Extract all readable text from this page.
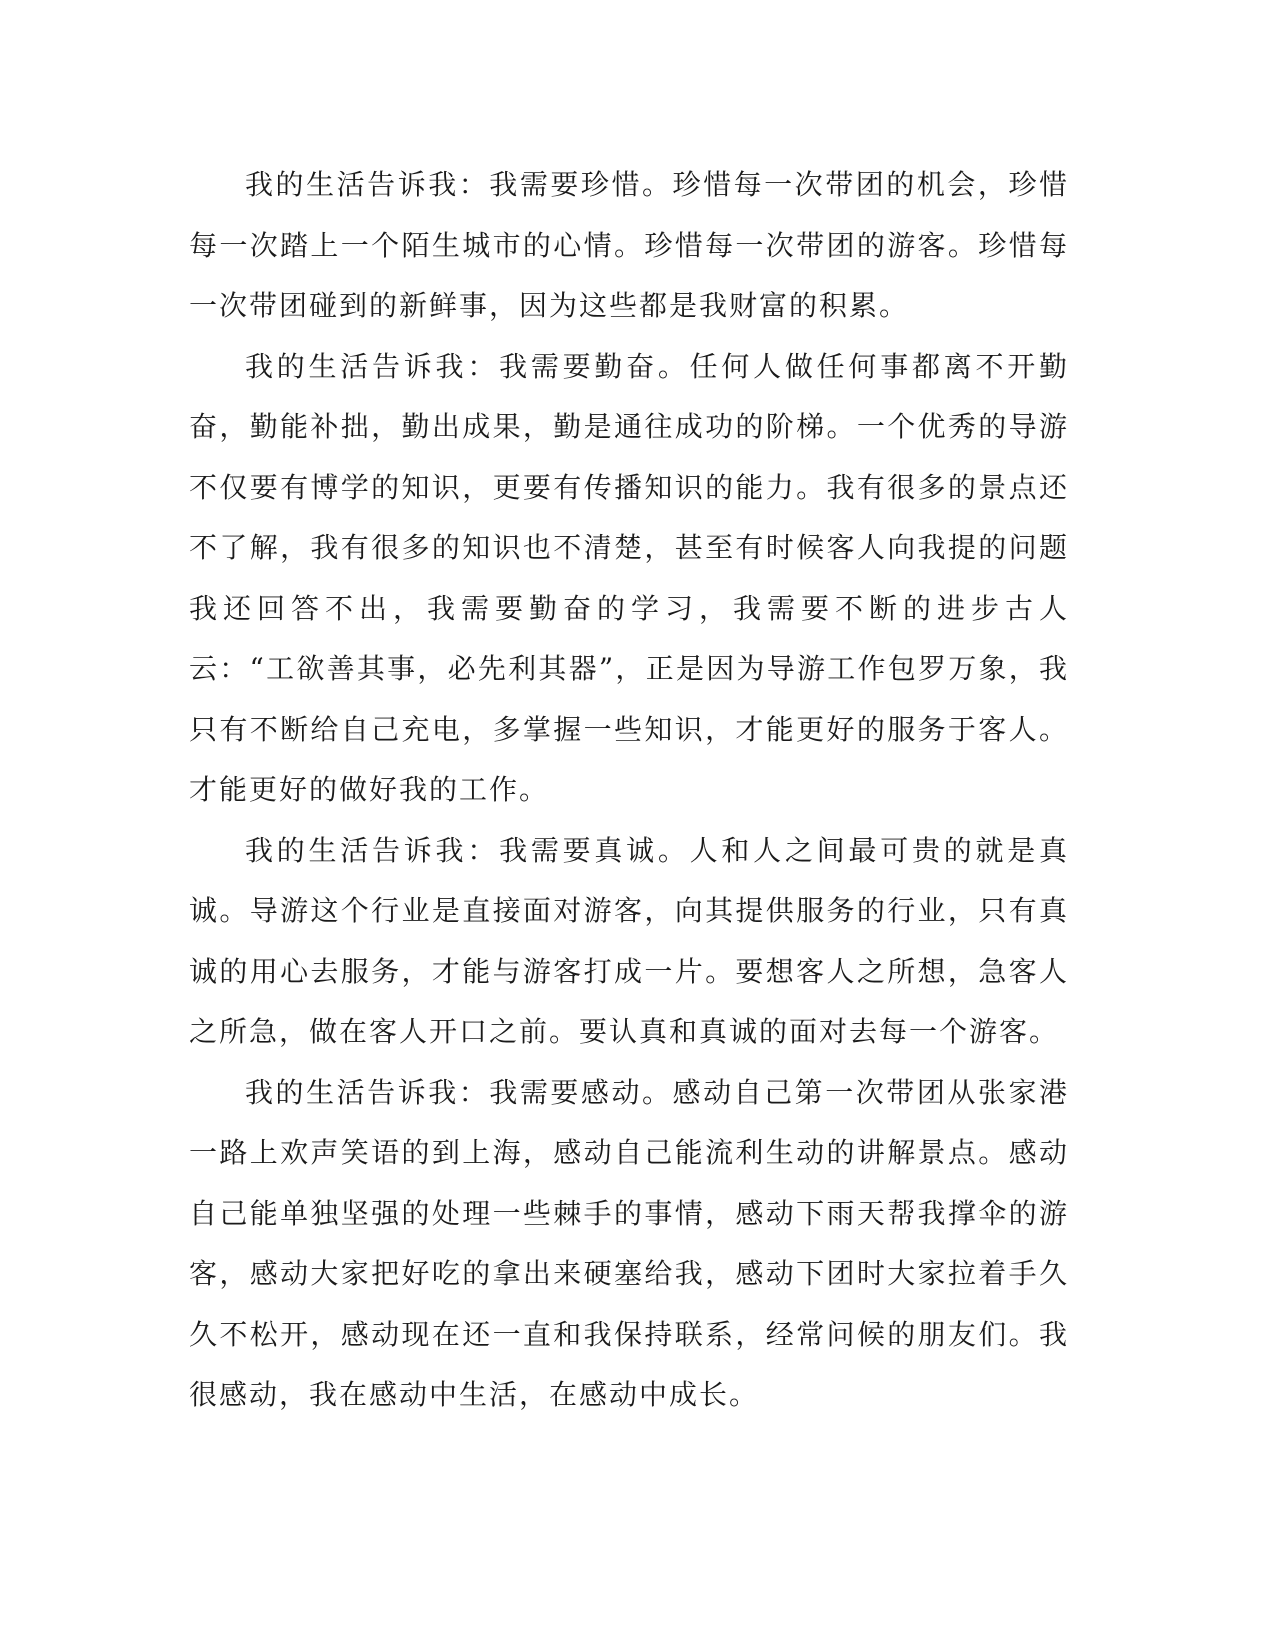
我的生活告诉我：我需要珍惜。珍惜每一次带团的机会，珍惜每一次踏上一个陌生城市的心情。珍惜每一次带团的游客。珍惜每一次带团碰到的新鲜事，因为这些都是我财富的积累。

我的生活告诉我：我需要勤奋。任何人做任何事都离不开勤奋，勤能补拙，勤出成果，勤是通往成功的阶梯。一个优秀的导游不仅要有博学的知识，更要有传播知识的能力。我有很多的景点还不了解，我有很多的知识也不清楚，甚至有时候客人向我提的问题我还回答不出，我需要勤奋的学习，我需要不断的进步古人云：“工欲善其事，必先利其器”，正是因为导游工作包罗万象，我只有不断给自己充电，多掌握一些知识，才能更好的服务于客人。才能更好的做好我的工作。

我的生活告诉我：我需要真诚。人和人之间最可贵的就是真诚。导游这个行业是直接面对游客，向其提供服务的行业，只有真诚的用心去服务，才能与游客打成一片。要想客人之所想，急客人之所急，做在客人开口之前。要认真和真诚的面对去每一个游客。

我的生活告诉我：我需要感动。感动自己第一次带团从张家港一路上欢声笑语的到上海，感动自己能流利生动的讲解景点。感动自己能单独坚强的处理一些棘手的事情，感动下雨天帮我撑伞的游客，感动大家把好吃的拿出来硬塞给我，感动下团时大家拉着手久久不松开，感动现在还一直和我保持联系，经常问候的朋友们。我很感动，我在感动中生活，在感动中成长。
